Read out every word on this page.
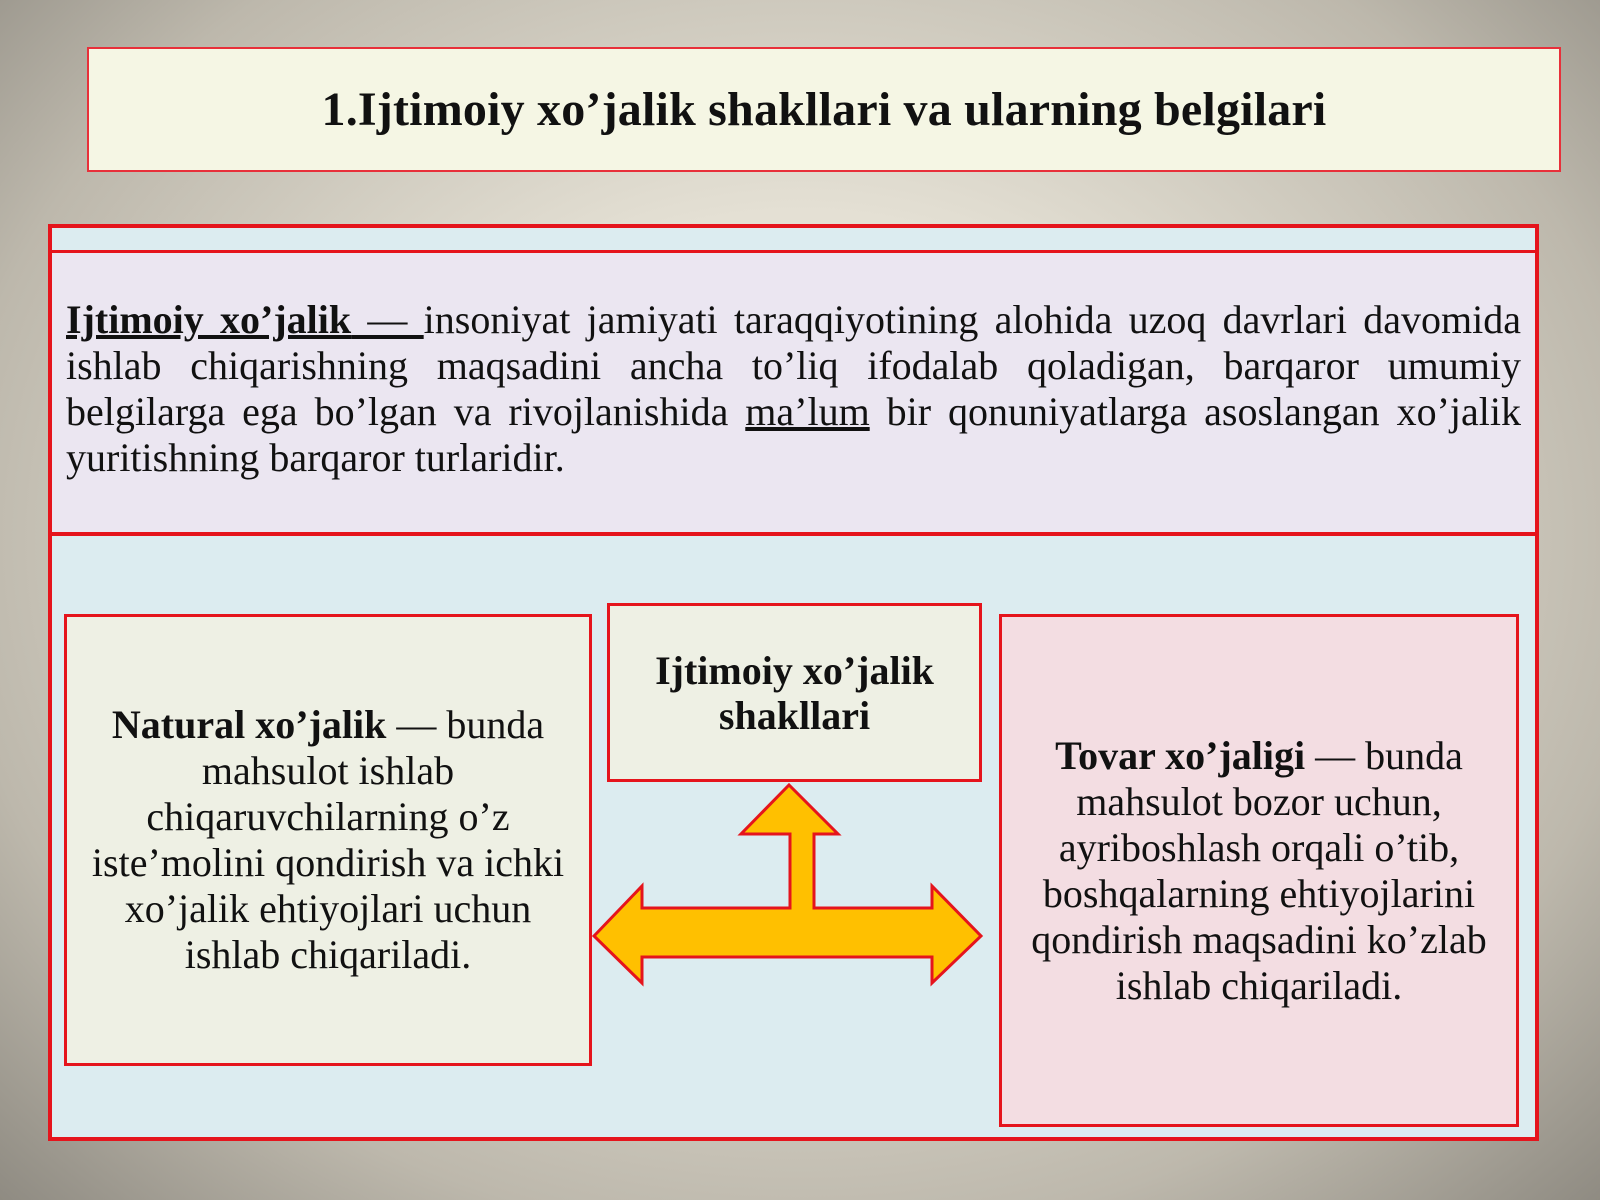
1.Ijtimoiy xo’jalik shakllari va ularning belgilari

Ijtimoiy xo’jalik — insoniyat jamiyati taraqqiyotining alohida uzoq davrlari davomida ishlab chiqarishning maqsadini ancha to’liq ifodalab qoladigan, barqaror umumiy belgilarga ega bo’lgan va rivojlanishida ma’lum bir qonuniyatlarga asoslangan xo’jalik yuritishning barqaror turlaridir.

Natural xo’jalik — bunda mahsulot ishlab chiqaruvchilarning o’z iste’molini qondirish va ichki xo’jalik ehtiyojlari uchun ishlab chiqariladi.

Ijtimoiy xo’jalik shakllari

Tovar xo’jaligi — bunda mahsulot bozor uchun, ayriboshlash orqali o’tib, boshqalarning ehtiyojlarini qondirish maqsadini ko’zlab ishlab chiqariladi.
